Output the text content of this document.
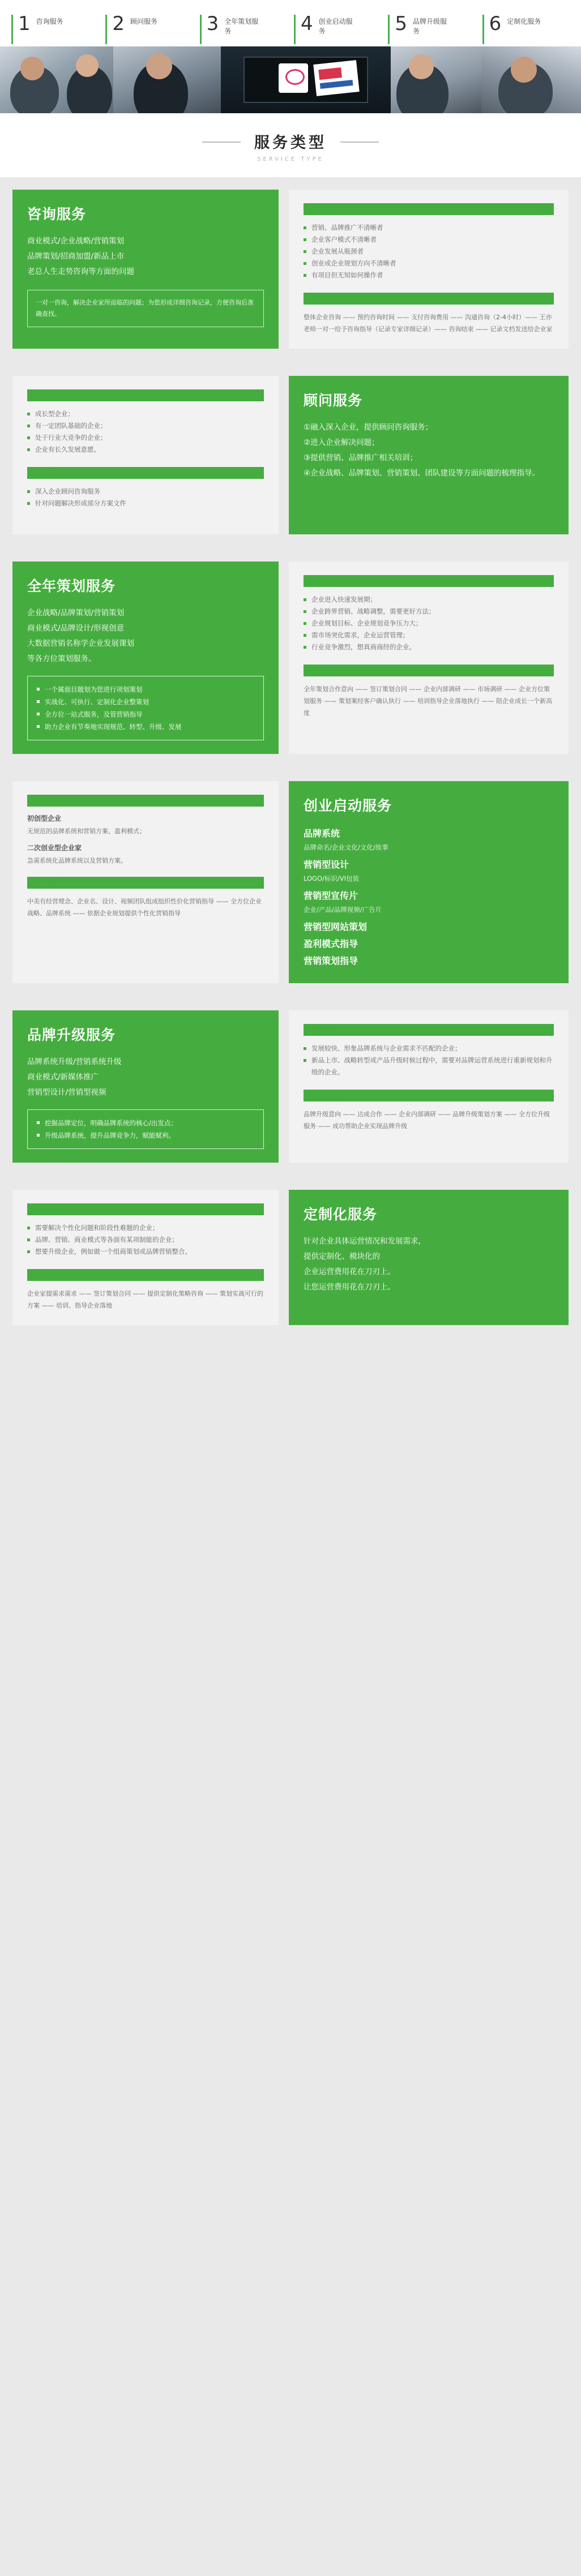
1 咨询服务	2 顾问服务	3 全年策划服务	4 创业启动服务	5 品牌升级服务	6 定制化服务
服务类型
SERVICE TYPE
咨询服务
商业模式/企业战略/营销策划
品牌策划/招商加盟/新品上市
老总人生走势咨询等方面的问题
一对一咨询，解决企业家所面临的问题；为您形成详细咨询记录，方便咨询后准确查找。
适合企业
营销、品牌推广不清晰者
企业客户模式不清晰者
企业发展从瓶颈者
创业或企业规划方向不清晰者
有项目但无知如何操作者
服务流程
整体企业咨询 —— 预约咨询时间 —— 支付咨询费用 —— 沟通咨询（2-4小时）—— 王亦老师一对一给予咨询指导（记录专家详细记录）—— 咨询结束 —— 记录文档发送给企业家
适合企业
成长型企业；
有一定团队基础的企业；
处于行业大竞争的企业；
企业有长久发展意愿。
服务流程
深入企业顾问咨询服务
针对问题解决形成部分方案文件
顾问服务
①融入深入企业，提供顾问咨询服务；
②进入企业解决问题；
③提供营销、品牌推广相关培训；
④企业战略、品牌策划、营销策划、团队建设等方面问题的梳理指导。
全年策划服务
企业战略/品牌策划/营销策划
商业模式/品牌设计/形视创意
大数据营销名称学企业发展课划
等各方位策划服务。
一个属面目题划为您进行项划策划
实战化、可执行、定制化企业整策划
全方位一站式服务，及管营销指导
助力企业有节奏地实现规范、转型、升级、发展
适合企业
企业进入快速发展期；
企业跨界营销、战略调整，需要更好方法；
企业规划目标、企业规划竞争压力大；
需市场突化需求，企业运营管理；
行业竞争激烈，想真商商经的企业。
服务流程
全年策划合作意向 —— 签订策划合同 —— 企业内部调研 —— 市场调研 —— 企业方位策划服务 —— 策划案经客户确认执行 —— 培训指导企业落地执行 —— 陪企业成长一个新高度
适合企业
初创型企业
无规范的品牌系统和营销方案、盈利模式；
二次创业型企业家
急需系统化品牌系统以及营销方案。
服务流程
中美有经营理念、企业名、设计、视频团队组成组织性价化营销指导 —— 全方位企业战略、品牌系统 —— 依据企业规划提供个性化营销指导
创业启动服务
品牌系统
品牌命名/企业文化/文化/故事
营销型设计
LOGO/标识/VI包装
营销型宣传片
企业/产品/品牌视频/广告片
营销型网站策划
盈利模式指导
营销策划指导
品牌升级服务
品牌系统升级/营销系统升级
商业模式/新媒体推广
营销型设计/营销型视频
挖掘品牌定位，明确品牌系统的核心/出发点；
升级品牌系统，提升品牌竞争力，赋能赋利。
适合企业
发展较快、形象品牌系统与企业需求不匹配的企业；
新品上市、战略转型或产品升级时候过程中，需要对品牌运营系统进行重新规划和升级的企业。
服务流程
品牌升级意向 —— 达成合作 —— 企业内部调研 —— 品牌升级策划方案 —— 全方位升级服务 —— 成功帮助企业实现品牌升级
适合企业
需要解决个性化问题和阶段性难题的企业；
品牌、营销、商业模式等各面有某项制能的企业；
想要升级企业，例如做一个组商策划或品牌营销整合。
服务流程
企业家提需求需求 —— 签订策划合同 —— 提供定制化策略咨询 —— 策划实战可行的方案 —— 培训、指导企业落地
定制化服务
针对企业具体运营情况和发展需求，
提供定制化、模块化的
企业运营费用花在刀刃上。
让您运营费用花在刀刃上。
